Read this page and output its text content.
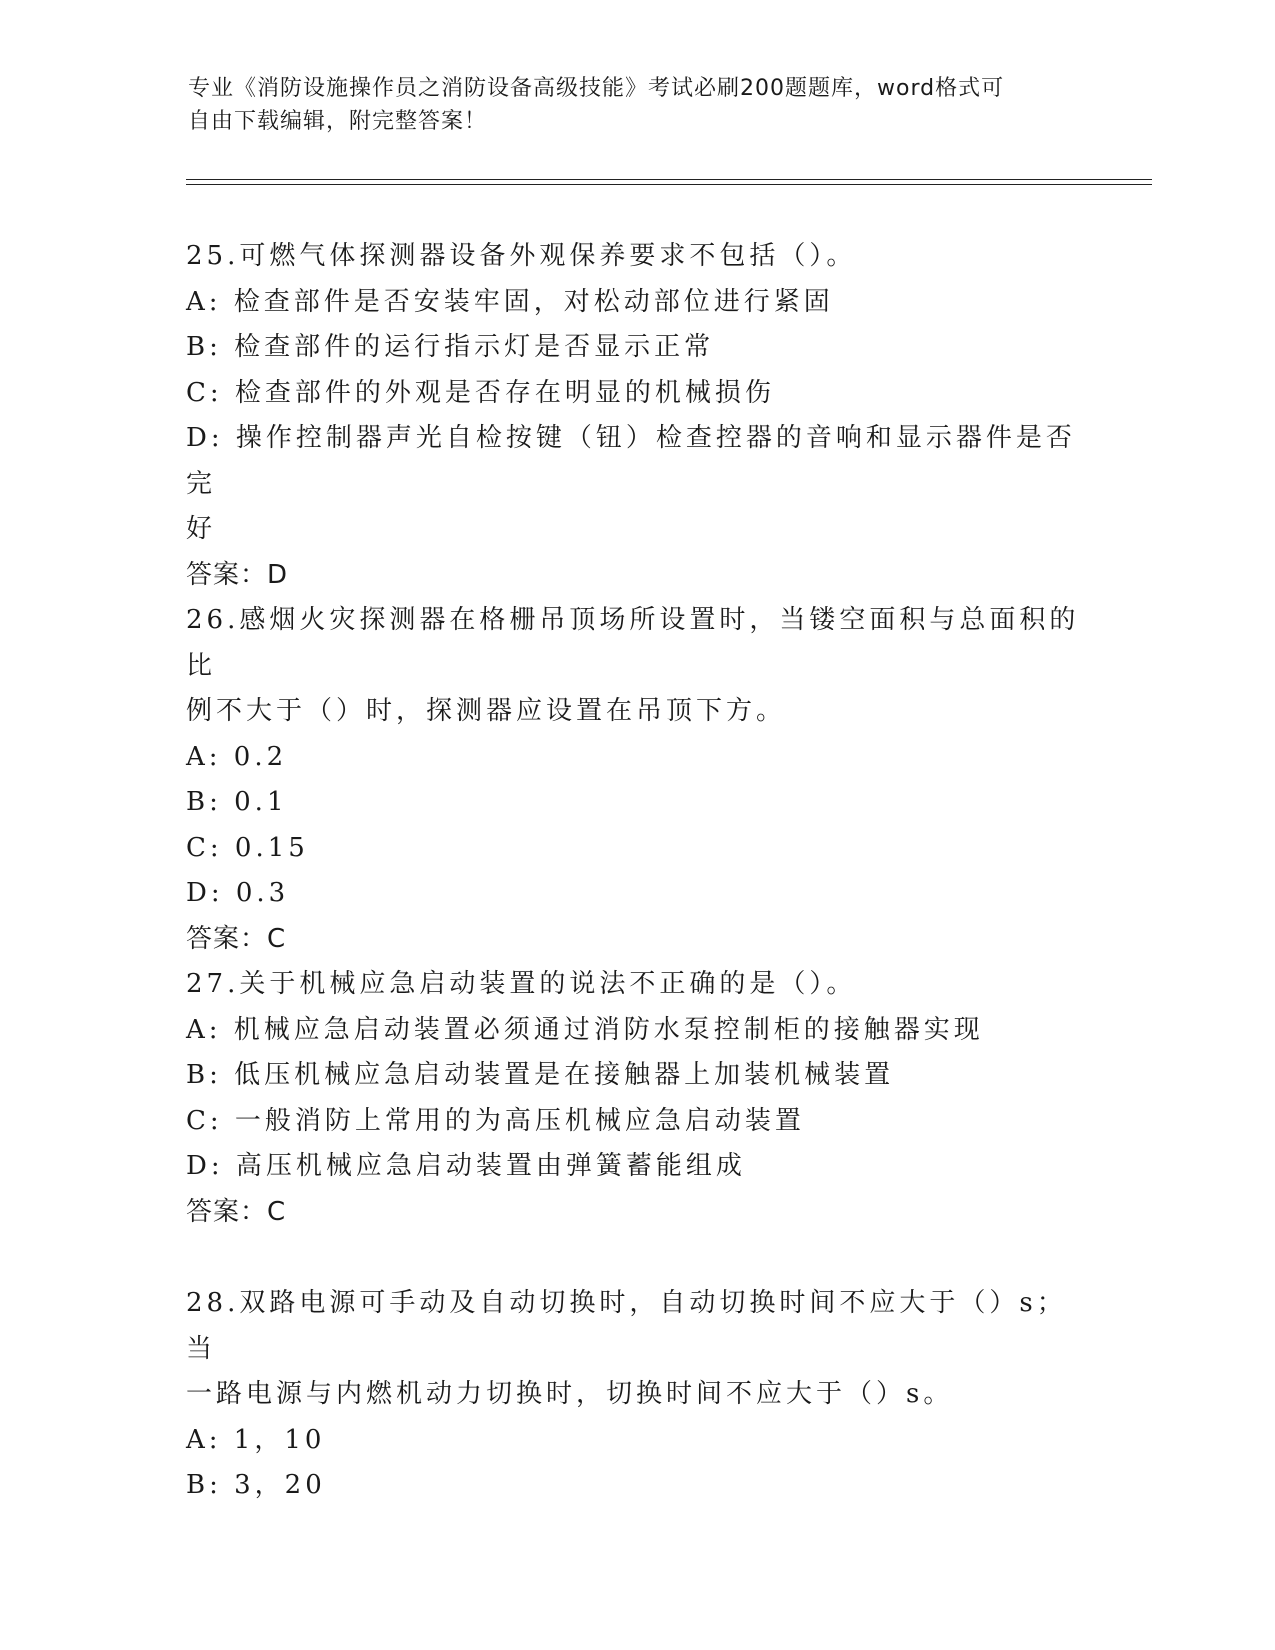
专业《消防设施操作员之消防设备高级技能》考试必刷200题题库，word格式可
自由下载编辑，附完整答案！
25.可燃气体探测器设备外观保养要求不包括（）。
A: 检查部件是否安装牢固，对松动部位进行紧固
B: 检查部件的运行指示灯是否显示正常
C: 检查部件的外观是否存在明显的机械损伤
D: 操作控制器声光自检按键（钮）检查控器的音响和显示器件是否完
好
答案：D
26.感烟火灾探测器在格栅吊顶场所设置时，当镂空面积与总面积的比
例不大于（）时，探测器应设置在吊顶下方。
A: 0.2
B: 0.1
C: 0.15
D: 0.3
答案：C
27.关于机械应急启动装置的说法不正确的是（）。
A: 机械应急启动装置必须通过消防水泵控制柜的接触器实现
B: 低压机械应急启动装置是在接触器上加装机械装置
C: 一般消防上常用的为高压机械应急启动装置
D: 高压机械应急启动装置由弹簧蓄能组成
答案：C
28.双路电源可手动及自动切换时，自动切换时间不应大于（）s；当
一路电源与内燃机动力切换时，切换时间不应大于（）s。
A: 1，10
B: 3，20
